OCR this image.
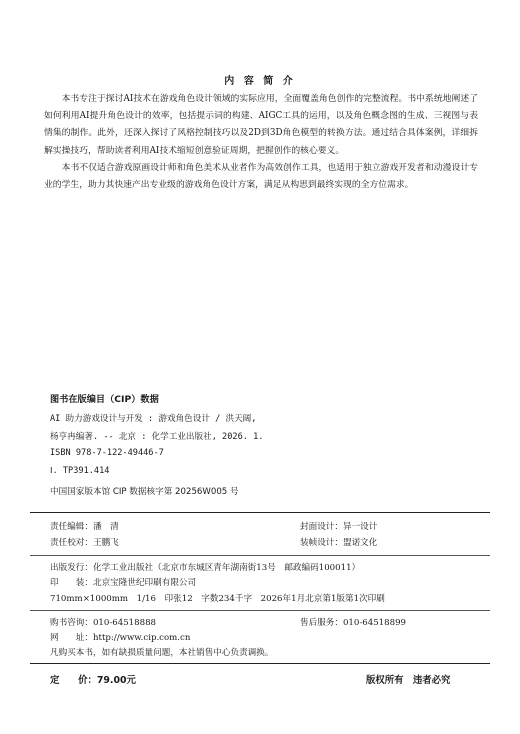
内 容 简 介

本书专注于探讨AI技术在游戏角色设计领域的实际应用，全面覆盖角色创作的完整流程。书中系统地阐述了如何利用AI提升角色设计的效率，包括提示词的构建、AIGC工具的运用，以及角色概念图的生成、三视图与表情集的制作。此外，还深入探讨了风格控制技巧以及2D到3D角色模型的转换方法。通过结合具体案例，详细拆解实操技巧，帮助读者利用AI技术缩短创意验证周期，把握创作的核心要义。

本书不仅适合游戏原画设计师和角色美术从业者作为高效创作工具，也适用于独立游戏开发者和动漫设计专业的学生，助力其快速产出专业级的游戏角色设计方案，满足从构思到最终实现的全方位需求。

图书在版编目（CIP）数据
AI 助力游戏设计与开发 : 游戏角色设计 / 洪天阔,
杨亨冉编著. -- 北京 : 化学工业出版社, 2026. 1.
ISBN 978-7-122-49446-7
Ⅰ. TP391.414
中国国家版本馆 CIP 数据核字第 20256W005 号
责任编辑：潘　清	封面设计：异一设计
责任校对：王鹏飞	装帧设计：盟诺文化
出版发行：化学工业出版社（北京市东城区青年湖南街13号　邮政编码100011）
印　　装：北京宝隆世纪印刷有限公司
710mm×1000mm　1/16　印张12　字数234千字　2026年1月北京第1版第1次印刷
购书咨询：010-64518888	售后服务：010-64518899
网　　址：http://www.cip.com.cn
凡购买本书，如有缺损质量问题，本社销售中心负责调换。
定　　价：79.00元	版权所有　违者必究
